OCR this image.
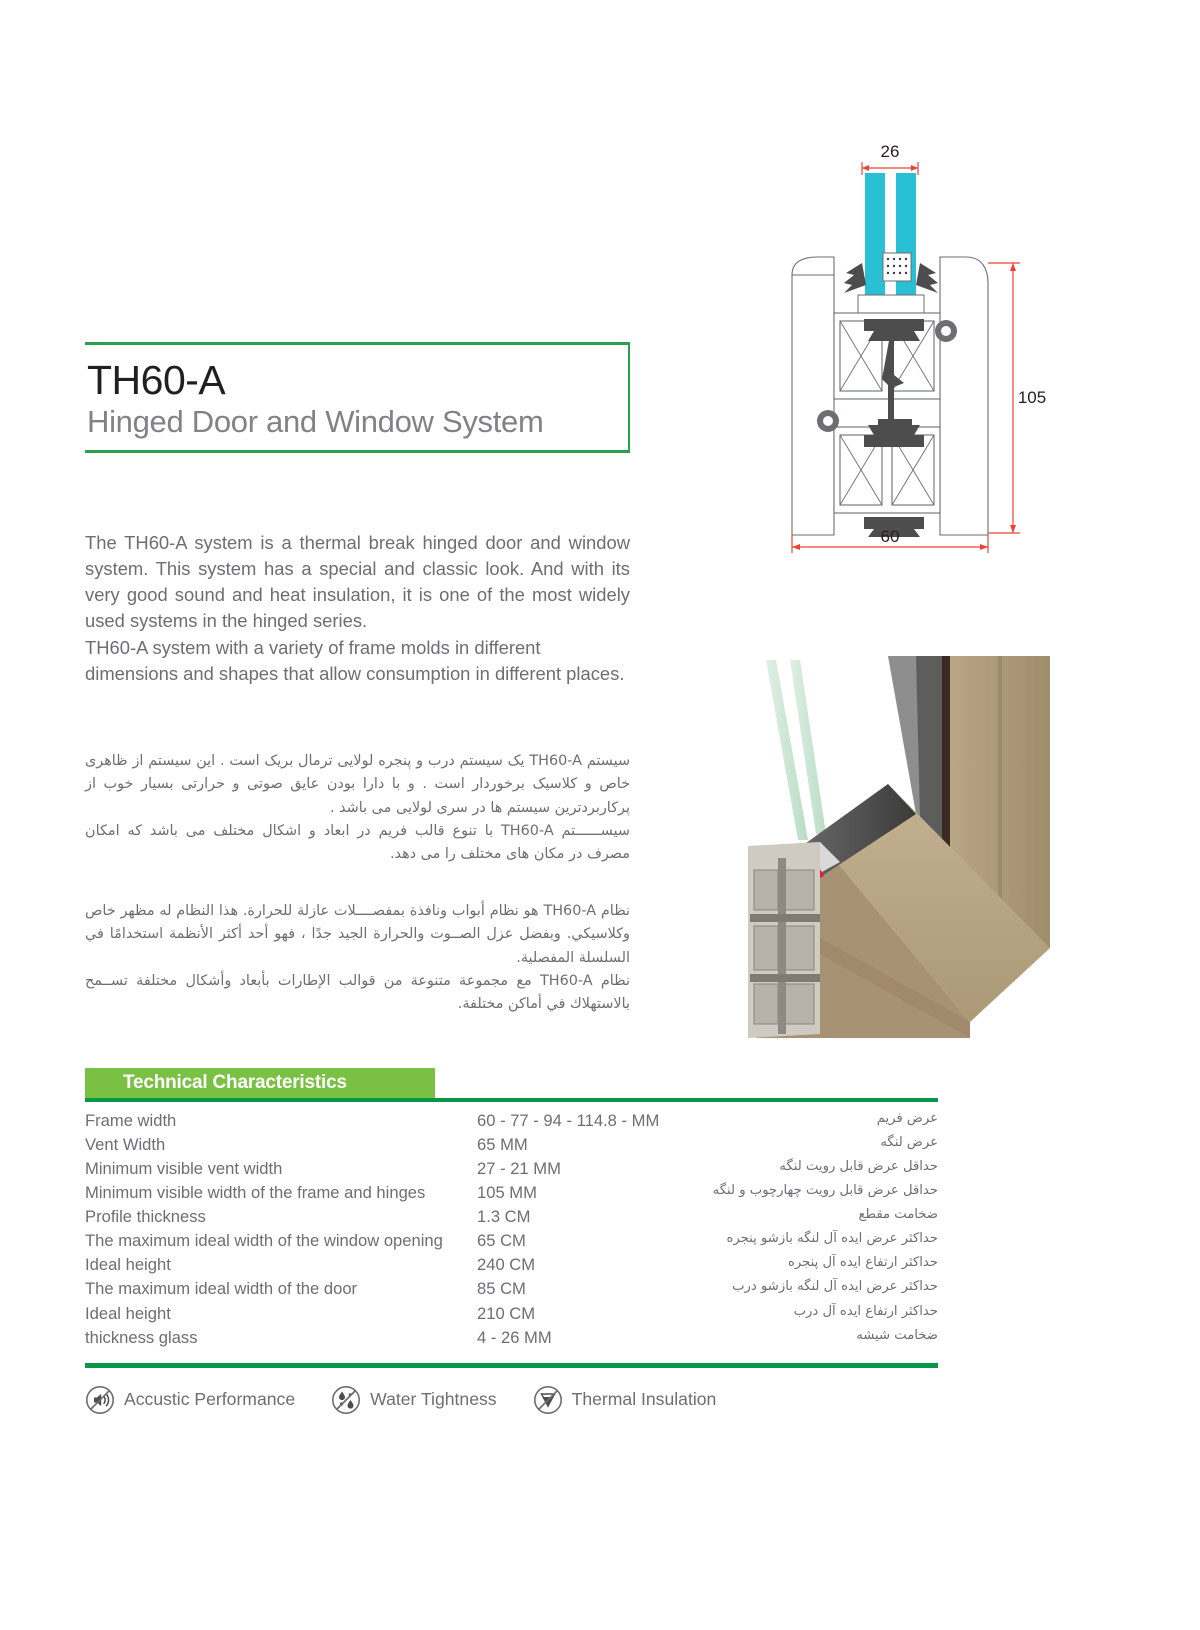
TH60-A
Hinged Door and Window System

The TH60-A system is a thermal break hinged door and window system. This system has a special and classic look. And with its very good sound and heat insulation, it is one of the most widely used systems in the hinged series.

TH60-A system with a variety of frame molds in different dimensions and shapes that allow consumption in different places.

سیستم TH60-A یک سیستم درب و پنجره لولایی ترمال بریک است . این سیستم از ظاهری خاص و کلاسیک برخوردار است . و با دارا بودن عایق صوتی و حرارتی بسیار خوب از پرکاربردترین سیستم ها در سری لولایی می باشد .

سیســــــتم TH60-A با تنوع قالب فریم در ابعاد و اشکال مختلف می باشد که امکان مصرف در مکان های مختلف را می دهد.

نظام TH60-A هو نظام أبواب ونافذة بمفصــــلات عازلة للحرارة. هذا النظام له مظهر خاص وكلاسيكي. وبفضل عزل الصــوت والحرارة الجيد جدًا ، فهو أحد أكثر الأنظمة استخدامًا في السلسلة المفصلية.

نظام TH60-A مع مجموعة متنوعة من قوالب الإطارات بأبعاد وأشكال مختلفة تســمح بالاستهلاك في أماكن مختلفة.

Technical Characteristics
Frame width	60 - 77 - 94 - 114.8 - MM	عرض فریم
Vent Width	65 MM	عرض لنگه
Minimum visible vent width	27 - 21 MM	حداقل عرض قابل رویت لنگه
Minimum visible width of the frame and hinges	105 MM	حداقل عرض قابل رویت چهارچوب و لنگه
Profile thickness	1.3 CM	ضخامت مقطع
The maximum ideal width of the window opening	65 CM	حداکثر عرض ایده آل لنگه بازشو پنجره
Ideal height	240 CM	حداکثر ارتفاع ایده آل پنجره
The maximum ideal width of the door	85 CM	حداکثر عرض ایده آل لنگه بازشو درب
Ideal height	210 CM	حداکثر ارتفاع ایده آل درب
thickness glass	4 - 26 MM	ضخامت شیشه
Accustic Performance	Water Tightness	Thermal Insulation
26
105
60
